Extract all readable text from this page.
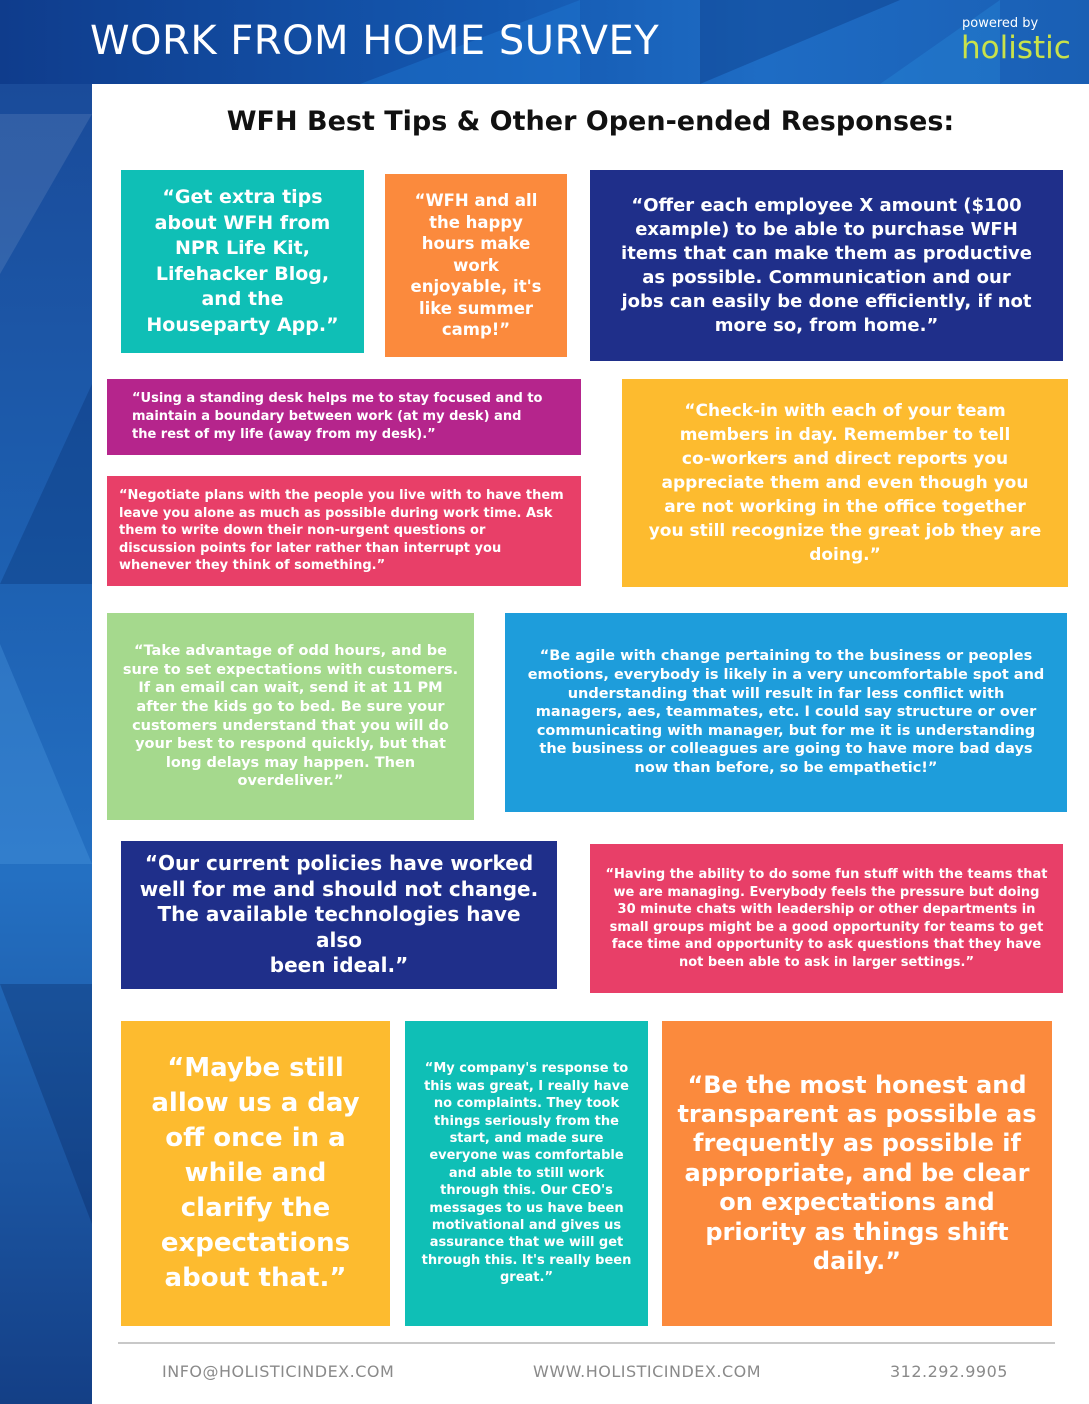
WORK FROM HOME SURVEY	powered by
holistic
WFH Best Tips & Other Open-ended Responses:
“Get extra tips
about WFH from
NPR Life Kit,
Lifehacker Blog,
and the
Houseparty App.”
“WFH and all
the happy
hours make
work
enjoyable, it's
like summer
camp!”
“Offer each employee X amount ($100
example) to be able to purchase WFH
items that can make them as productive
as possible. Communication and our
jobs can easily be done efficiently, if not
more so, from home.”
“Using a standing desk helps me to stay focused and to
maintain a boundary between work (at my desk) and
the rest of my life (away from my desk).”
“Negotiate plans with the people you live with to have them
leave you alone as much as possible during work time. Ask
them to write down their non-urgent questions or
discussion points for later rather than interrupt you
whenever they think of something.”
“Check-in with each of your team
members in day. Remember to tell
co-workers and direct reports you
appreciate them and even though you
are not working in the office together
you still recognize the great job they are
doing.”
“Take advantage of odd hours, and be
sure to set expectations with customers.
If an email can wait, send it at 11 PM
after the kids go to bed. Be sure your
customers understand that you will do
your best to respond quickly, but that
long delays may happen. Then
overdeliver.”
“Be agile with change pertaining to the business or peoples
emotions, everybody is likely in a very uncomfortable spot and
understanding that will result in far less conflict with
managers, aes, teammates, etc. I could say structure or over
communicating with manager, but for me it is understanding
the business or colleagues are going to have more bad days
now than before, so be empathetic!”
“Our current policies have worked
well for me and should not change.
The available technologies have also
been ideal.”
“Having the ability to do some fun stuff with the teams that
we are managing. Everybody feels the pressure but doing
30 minute chats with leadership or other departments in
small groups might be a good opportunity for teams to get
face time and opportunity to ask questions that they have
not been able to ask in larger settings.”
“Maybe still
allow us a day
off once in a
while and
clarify the
expectations
about that.”
“My company's response to
this was great, I really have
no complaints. They took
things seriously from the
start, and made sure
everyone was comfortable
and able to still work
through this. Our CEO's
messages to us have been
motivational and gives us
assurance that we will get
through this. It's really been
great.”
“Be the most honest and
transparent as possible as
frequently as possible if
appropriate, and be clear
on expectations and
priority as things shift
daily.”
INFO@HOLISTICINDEX.COM	WWW.HOLISTICINDEX.COM	312.292.9905
